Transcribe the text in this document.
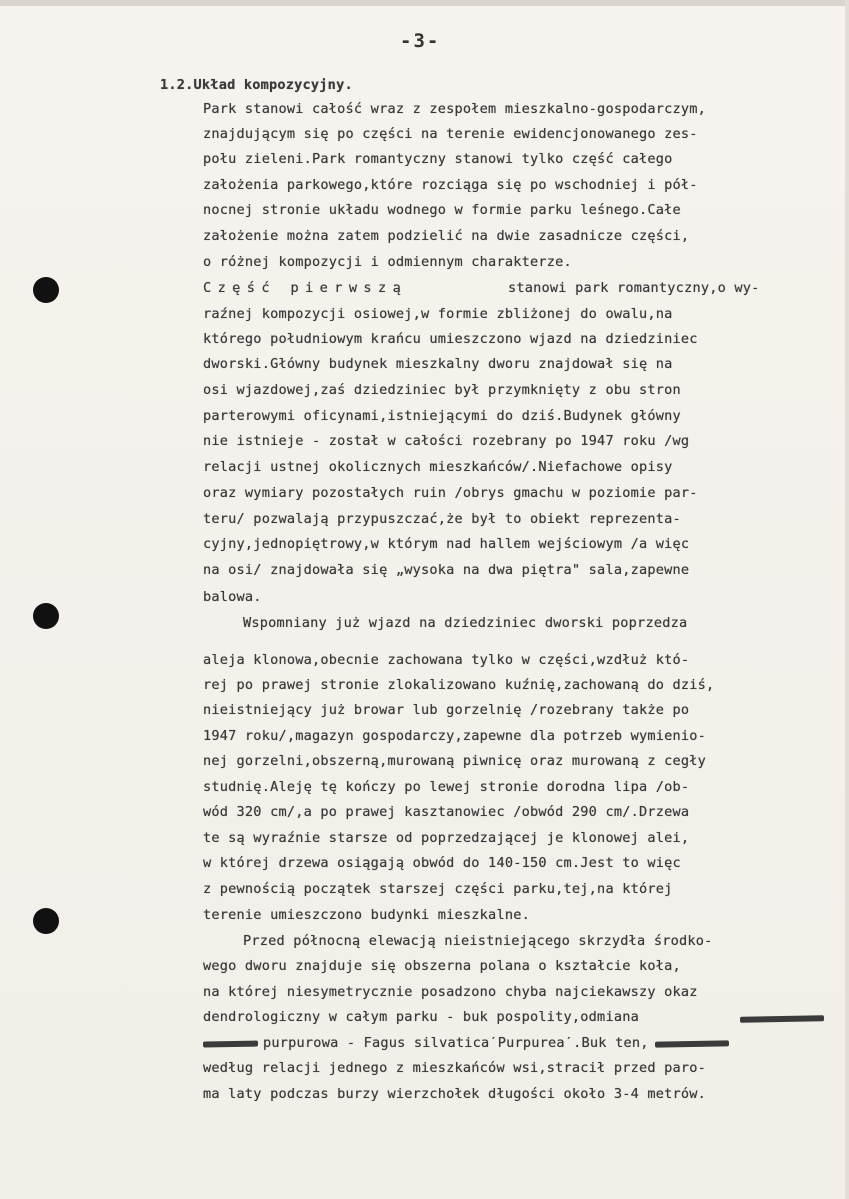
-3-
1.2.Układ kompozycyjny.
Park stanowi całość wraz z zespołem mieszkalno-gospodarczym,
znajdującym się po części na terenie ewidencjonowanego zes-
połu zieleni.Park romantyczny stanowi tylko część całego
założenia parkowego,które rozciąga się po wschodniej i pół-
nocnej stronie układu wodnego w formie parku leśnego.Całe
założenie można zatem podzielić na dwie zasadnicze części,
o różnej kompozycji i odmiennym charakterze.
Część pierwszą	stanowi park romantyczny,o wy-
raźnej kompozycji osiowej,w formie zbliżonej do owalu,na
którego południowym krańcu umieszczono wjazd na dziedziniec
dworski.Główny budynek mieszkalny dworu znajdował się na
osi wjazdowej,zaś dziedziniec był przymknięty z obu stron
parterowymi oficynami,istniejącymi do dziś.Budynek główny
nie istnieje - został w całości rozebrany po 1947 roku /wg
relacji ustnej okolicznych mieszkańców/.Niefachowe opisy
oraz wymiary pozostałych ruin /obrys gmachu w poziomie par-
teru/ pozwalają przypuszczać,że był to obiekt reprezenta-
cyjny,jednopiętrowy,w którym nad hallem wejściowym /a więc
na osi/ znajdowała się „wysoka na dwa piętra" sala,zapewne
balowa.
Wspomniany już wjazd na dziedziniec dworski poprzedza
aleja klonowa,obecnie zachowana tylko w części,wzdłuż któ-
rej po prawej stronie zlokalizowano kuźnię,zachowaną do dziś,
nieistniejący już browar lub gorzelnię /rozebrany także po
1947 roku/,magazyn gospodarczy,zapewne dla potrzeb wymienio-
nej gorzelni,obszerną,murowaną piwnicę oraz murowaną z cegły
studnię.Aleję tę kończy po lewej stronie dorodna lipa /ob-
wód 320 cm/,a po prawej kasztanowiec /obwód 290 cm/.Drzewa
te są wyraźnie starsze od poprzedzającej je klonowej alei,
w której drzewa osiągają obwód do 140-150 cm.Jest to więc
z pewnością początek starszej części parku,tej,na której
terenie umieszczono budynki mieszkalne.
Przed północną elewacją nieistniejącego skrzydła środko-
wego dworu znajduje się obszerna polana o kształcie koła,
na której niesymetrycznie posadzono chyba najciekawszy okaz
dendrologiczny w całym parku - buk pospolity,odmiana
purpurowa - Fagus silvaticaˊPurpureaˊ.Buk ten,
według relacji jednego z mieszkańców wsi,stracił przed paro-
ma laty podczas burzy wierzchołek długości około 3-4 metrów.
